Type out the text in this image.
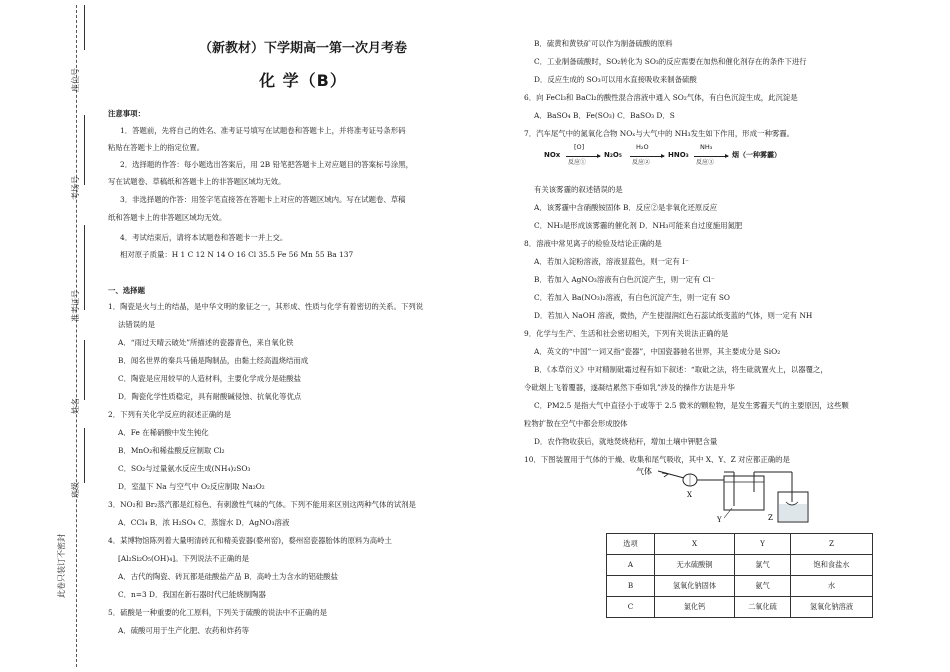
座位号
考场号
准考证号
姓名
班级
此卷只装订不密封
（新教材）下学期高一第一次月考卷
化 学（B）
注意事项：
1．答题前，先将自己的姓名、准考证号填写在试题卷和答题卡上，并将准考证号条形码
粘贴在答题卡上的指定位置。
2．选择题的作答：每小题选出答案后，用 2B 铅笔把答题卡上对应题目的答案标号涂黑，
写在试题卷、草稿纸和答题卡上的非答题区域均无效。
3．非选择题的作答：用签字笔直接答在答题卡上对应的答题区域内。写在试题卷、草稿
纸和答题卡上的非答题区域均无效。
4．考试结束后，请将本试题卷和答题卡一并上交。
相对原子质量：H 1 C 12 N 14 O 16 Cl 35.5 Fe 56 Mn 55 Ba 137
一、选择题
1．陶瓷是火与土的结晶，是中华文明的象征之一，其形成、性质与化学有着密切的关系。下列说
法错误的是
A．“雨过天晴云破处”所描述的瓷器青色，来自氧化铁
B．闻名世界的秦兵马俑是陶制品，由黏土经高温烧结而成
C．陶瓷是应用较早的人造材料，主要化学成分是硅酸盐
D．陶瓷化学性质稳定，具有耐酸碱侵蚀、抗氧化等优点
2．下列有关化学反应的叙述正确的是
A．Fe 在稀硝酸中发生钝化
B．MnO₂和稀盐酸反应制取 Cl₂
C．SO₂与过量氨水反应生成(NH₄)₂SO₃
D．室温下 Na 与空气中 O₂反应制取 Na₂O₂
3．NO₂和 Br₂蒸汽都是红棕色、有刺激性气味的气体。下列不能用来区别这两种气体的试剂是
A．CCl₄ B．浓 H₂SO₄ C．蒸馏水 D．AgNO₃溶液
4．某博物馆陈列着大量明清砖瓦和精美瓷器(婺州窑)，婺州窑瓷器胎体的原料为高岭土
[Al₂Si₂O₅(OH)₄]。下列说法不正确的是
A．古代的陶瓷、砖瓦都是硅酸盐产品 B．高岭土为含水的铝硅酸盐
C．n=3 D．我国在新石器时代已能烧制陶器
5．硫酸是一种重要的化工原料，下列关于硫酸的说法中不正确的是
A．硫酸可用于生产化肥、农药和炸药等
B．硫黄和黄铁矿可以作为制备硫酸的原料
C．工业制备硫酸时，SO₂转化为 SO₃的反应需要在加热和催化剂存在的条件下进行
D．反应生成的 SO₃可以用水直接吸收来制备硫酸
6．向 FeCl₃和 BaCl₂的酸性混合溶液中通入 SO₂气体，有白色沉淀生成，此沉淀是
A．BaSO₄ B．Fe(SO₃) C．BaSO₃ D．S
7．汽车尾气中的氮氧化合物 NOₓ与大气中的 NH₃发生如下作用，形成一种雾霾。
NOx
[O]
反应①
N₂O₅
H₂O
反应②
HNO₃
NH₃
反应③
烟（一种雾霾）
有关该雾霾的叙述错误的是
A．该雾霾中含硝酸铵固体 B．反应②是非氧化还原反应
C．NH₃是形成该雾霾的催化剂 D．NH₃可能来自过度施用氮肥
8．溶液中常见离子的检验及结论正确的是
A．若加入淀粉溶液，溶液显蓝色，则一定有 I⁻
B．若加入 AgNO₃溶液有白色沉淀产生，则一定有 Cl⁻
C．若加入 Ba(NO₃)₂溶液，有白色沉淀产生，则一定有 SO
D．若加入 NaOH 溶液，微热，产生使湿润红色石蕊试纸变蓝的气体，则一定有 NH
9．化学与生产、生活和社会密切相关，下列有关说法正确的是
A．英文的“中国”一词又指“瓷器”，中国瓷器驰名世界，其主要成分是 SiO₂
B．《本草衍义》中对精制砒霜过程有如下叙述：“取砒之法，将生砒就置火上，以器覆之，
令砒烟上飞着覆器，遂凝结累然下垂如乳”涉及的操作方法是升华
C．PM2.5 是指大气中直径小于或等于 2.5 微米的颗粒物，是发生雾霾天气的主要原因，这些颗
粒物扩散在空气中都会形成胶体
D．农作物收获后，就地焚烧秸秆，增加土壤中钾肥含量
10．下图装置用于气体的干燥、收集和尾气吸收，其中 X、Y、Z 对应都正确的是
气体
X
Y	Z
选项	X	Y	Z
A	无水硫酸铜	氯气	饱和食盐水
B	氢氧化钠固体	氨气	水
C	氯化钙	二氧化硫	氢氧化钠溶液
